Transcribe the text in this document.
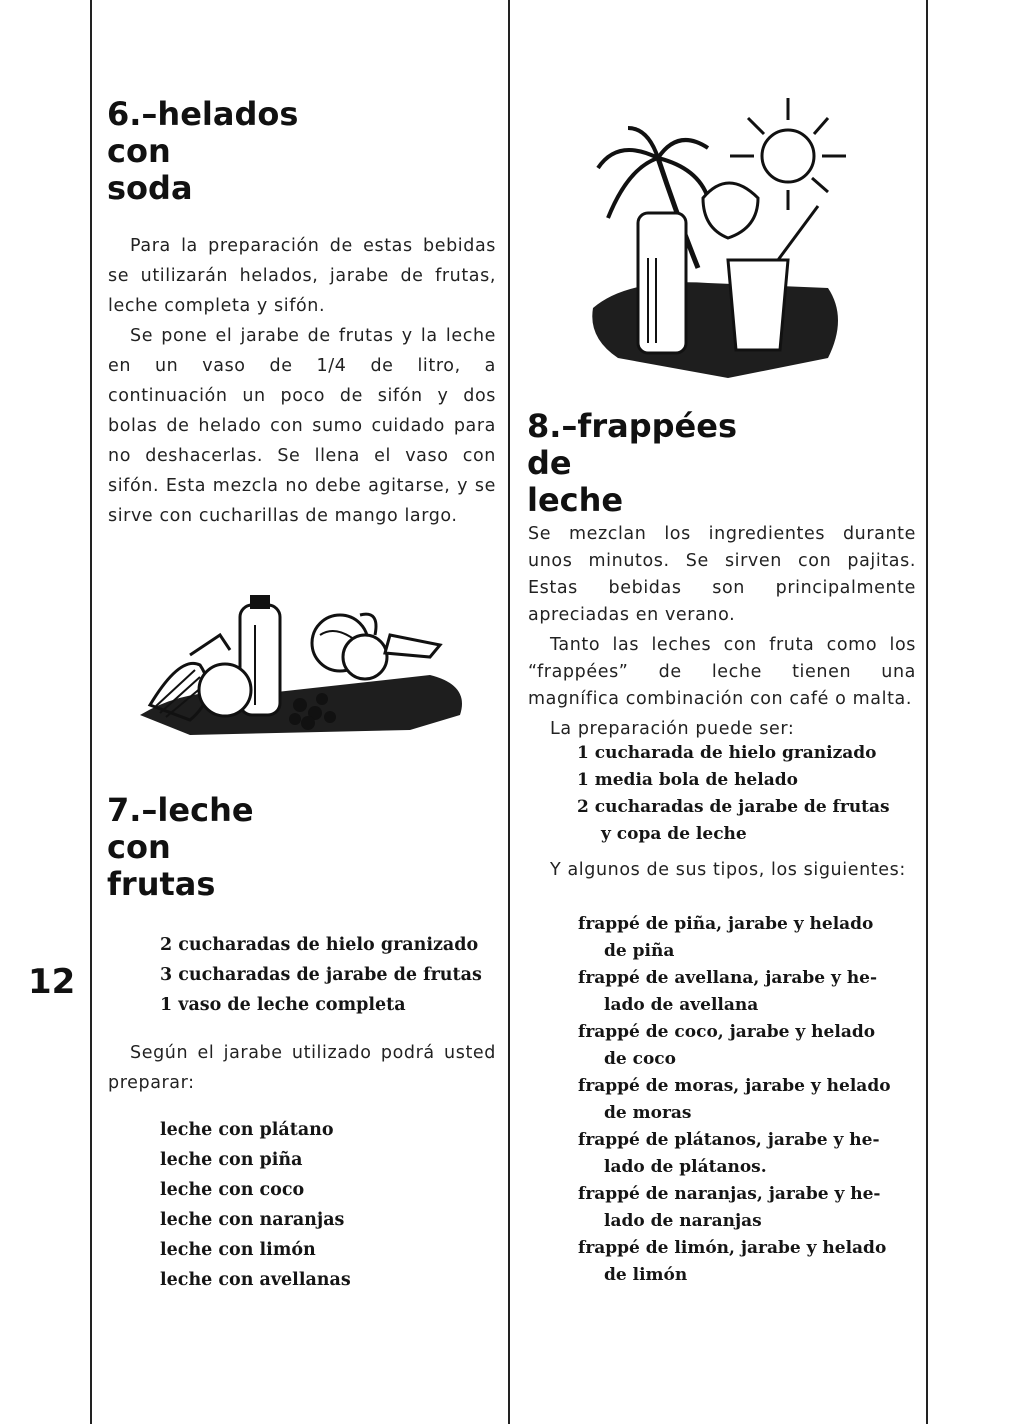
12
6.–helados
con
soda

Para la preparación de estas bebidas se utilizarán helados, jarabe de frutas, leche completa y sifón.

Se pone el jarabe de frutas y la leche en un vaso de 1/4 de litro, a continuación un poco de sifón y dos bolas de helado con sumo cuidado para no deshacerlas. Se llena el vaso con sifón. Esta mezcla no debe agitarse, y se sirve con cucharillas de mango largo.

7.–leche
con
frutas
2 cucharadas de hielo granizado
3 cucharadas de jarabe de frutas
1 vaso de leche completa

Según el jarabe utilizado podrá usted preparar:

leche con plátano
leche con piña
leche con coco
leche con naranjas
leche con limón
leche con avellanas
8.–frappées
de
leche

Se mezclan los ingredientes durante unos minutos. Se sirven con pajitas. Estas bebidas son principalmente apreciadas en verano.

Tanto las leches con fruta como los “frappées” de leche tienen una magnífica combinación con café o malta.

La preparación puede ser:

1 cucharada de hielo granizado
1 media bola de helado
2 cucharadas de jarabe de frutas
y copa de leche

Y algunos de sus tipos, los siguientes:

frappé de piña, jarabe y helado
de piña
frappé de avellana, jarabe y he-
lado de avellana
frappé de coco, jarabe y helado
de coco
frappé de moras, jarabe y helado
de moras
frappé de plátanos, jarabe y he-
lado de plátanos.
frappé de naranjas, jarabe y he-
lado de naranjas
frappé de limón, jarabe y helado
de limón
